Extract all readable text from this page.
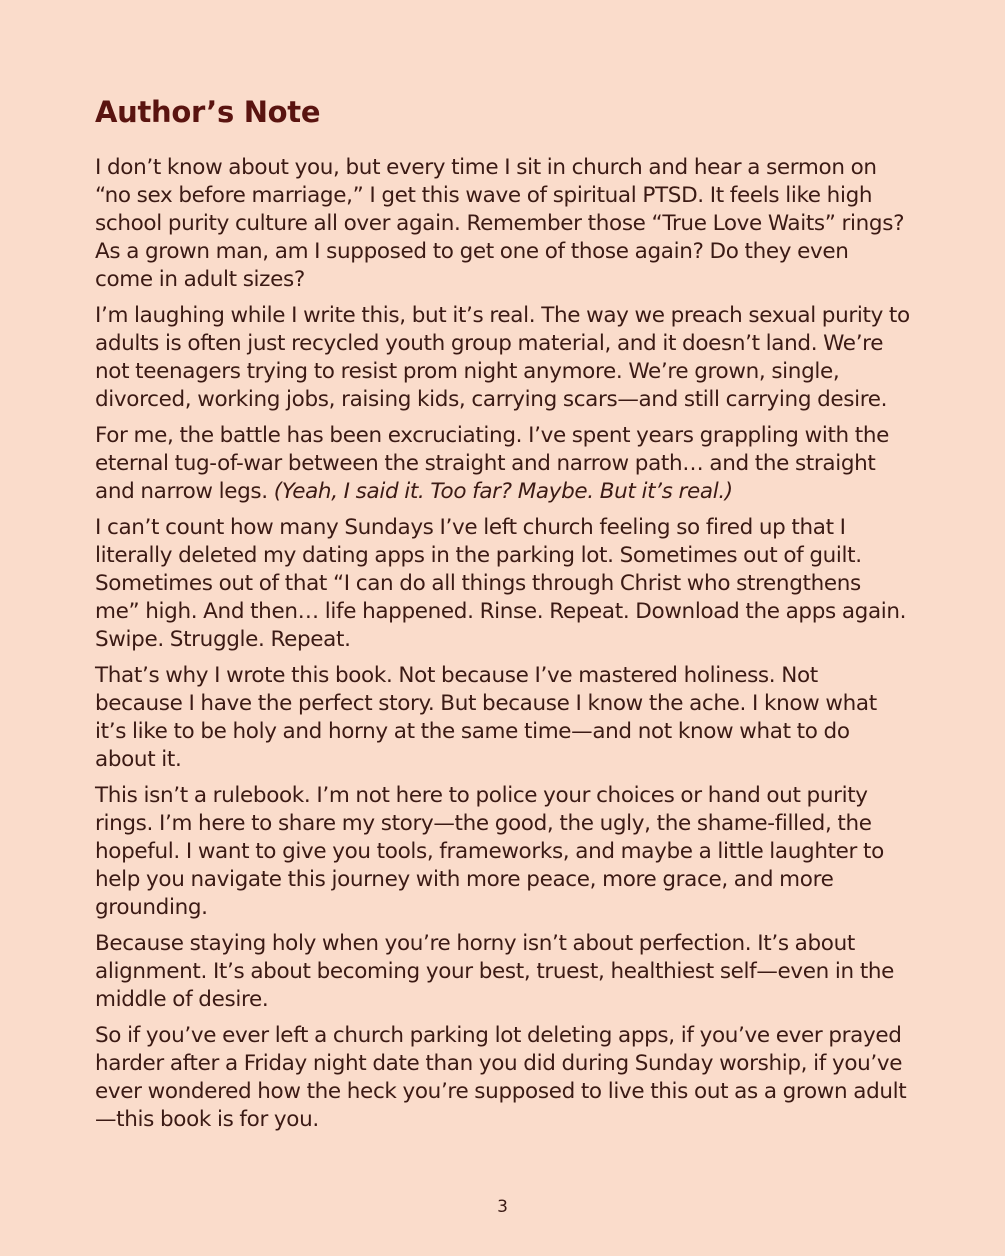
Author’s Note

I don’t know about you, but every time I sit in church and hear a sermon on “no sex before marriage,” I get this wave of spiritual PTSD. It feels like high school purity culture all over again. Remember those “True Love Waits” rings? As a grown man, am I supposed to get one of those again? Do they even come in adult sizes?

I’m laughing while I write this, but it’s real. The way we preach sexual purity to adults is often just recycled youth group material, and it doesn’t land. We’re not teenagers trying to resist prom night anymore. We’re grown, single, divorced, working jobs, raising kids, carrying scars—and still carrying desire.

For me, the battle has been excruciating. I’ve spent years grappling with the eternal tug-of-war between the straight and narrow path… and the straight and narrow legs. (Yeah, I said it. Too far? Maybe. But it’s real.)

I can’t count how many Sundays I’ve left church feeling so fired up that I literally deleted my dating apps in the parking lot. Sometimes out of guilt. Sometimes out of that “I can do all things through Christ who strengthens me” high. And then… life happened. Rinse. Repeat. Download the apps again. Swipe. Struggle. Repeat.

That’s why I wrote this book. Not because I’ve mastered holiness. Not because I have the perfect story. But because I know the ache. I know what it’s like to be holy and horny at the same time—and not know what to do about it.

This isn’t a rulebook. I’m not here to police your choices or hand out purity rings. I’m here to share my story—the good, the ugly, the shame-filled, the hopeful. I want to give you tools, frameworks, and maybe a little laughter to help you navigate this journey with more peace, more grace, and more grounding.

Because staying holy when you’re horny isn’t about perfection. It’s about alignment. It’s about becoming your best, truest, healthiest self—even in the middle of desire.

So if you’ve ever left a church parking lot deleting apps, if you’ve ever prayed harder after a Friday night date than you did during Sunday worship, if you’ve ever wondered how the heck you’re supposed to live this out as a grown adult—this book is for you.

3
